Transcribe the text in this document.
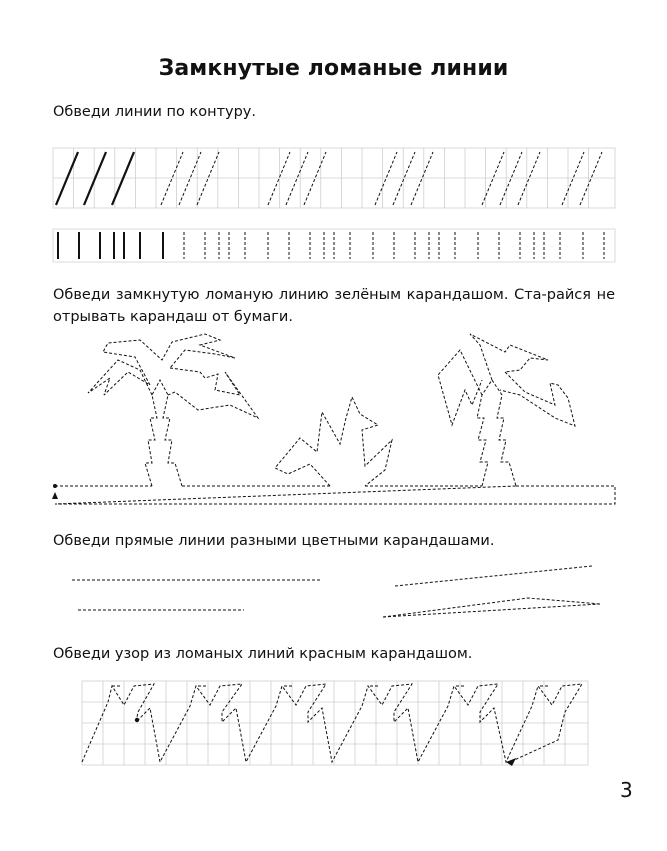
Замкнутые ломаные линии
Обведи линии по контуру.
Обведи замкнутую ломаную линию зелёным карандашом. Ста-райся не отрывать карандаш от бумаги.
Обведи прямые линии разными цветными карандашами.
Обведи узор из ломаных линий красным карандашом.
3
